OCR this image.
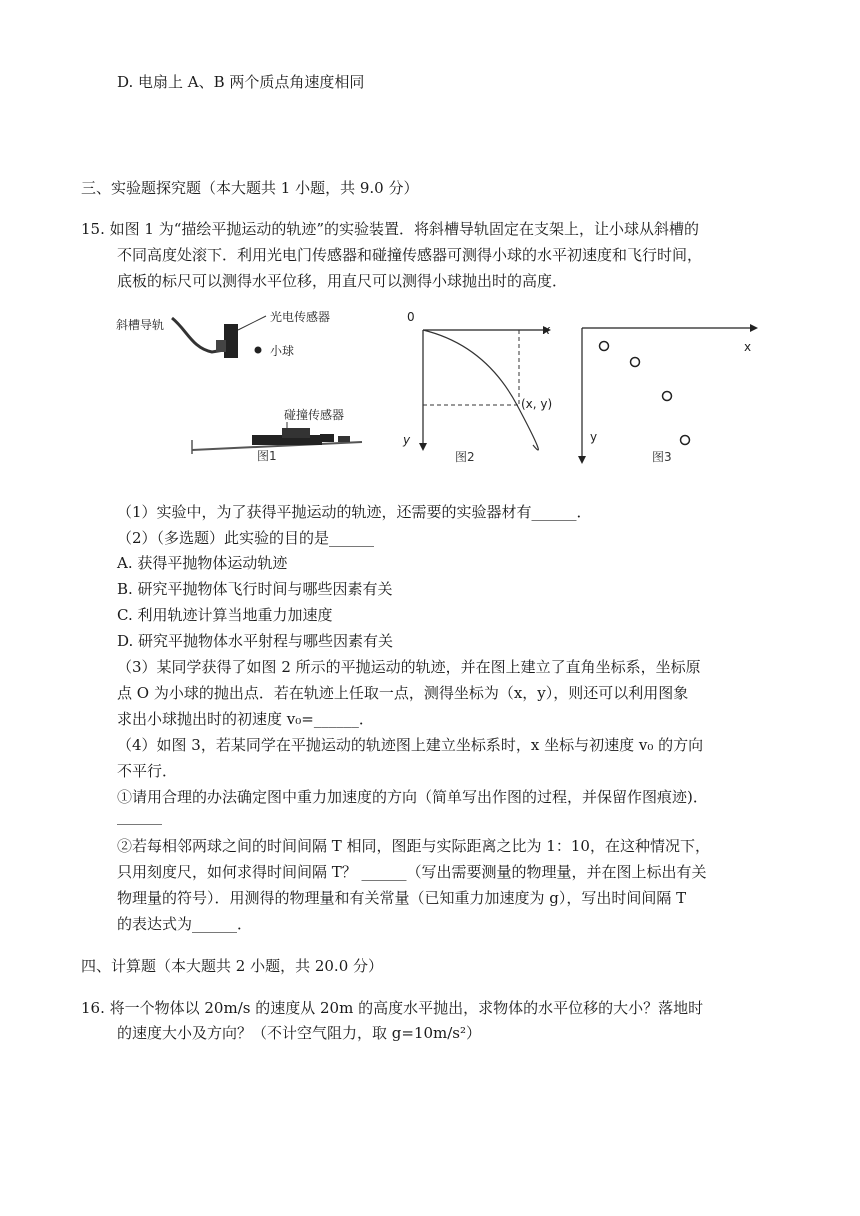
D. 电扇上 A、B 两个质点角速度相同
三、实验题探究题（本大题共 1 小题，共 9.0 分）
15. 如图 1 为“描绘平抛运动的轨迹”的实验装置．将斜槽导轨固定在支架上，让小球从斜槽的
不同高度处滚下．利用光电门传感器和碰撞传感器可测得小球的水平初速度和飞行时间，
底板的标尺可以测得水平位移，用直尺可以测得小球抛出时的高度．
斜槽导轨
光电传感器
小球
碰撞传感器
图1
0
x
y
(x, y)
图2
x
y
图3
（1）实验中，为了获得平抛运动的轨迹，还需要的实验器材有______．
（2）（多选题）此实验的目的是______
A. 获得平抛物体运动轨迹
B. 研究平抛物体飞行时间与哪些因素有关
C. 利用轨迹计算当地重力加速度
D. 研究平抛物体水平射程与哪些因素有关
（3）某同学获得了如图 2 所示的平抛运动的轨迹，并在图上建立了直角坐标系，坐标原
点 O 为小球的抛出点．若在轨迹上任取一点，测得坐标为（x，y），则还可以利用图象
求出小球抛出时的初速度 v₀=______．
（4）如图 3，若某同学在平抛运动的轨迹图上建立坐标系时，x 坐标与初速度 v₀ 的方向
不平行．
①请用合理的办法确定图中重力加速度的方向（简单写出作图的过程，并保留作图痕迹)．
______
②若每相邻两球之间的时间间隔 T 相同，图距与实际距离之比为 1：10，在这种情况下，
只用刻度尺，如何求得时间间隔 T？ ______（写出需要测量的物理量，并在图上标出有关
物理量的符号）．用测得的物理量和有关常量（已知重力加速度为 g），写出时间间隔 T
的表达式为______．
四、计算题（本大题共 2 小题，共 20.0 分）
16. 将一个物体以 20m/s 的速度从 20m 的高度水平抛出，求物体的水平位移的大小？落地时
的速度大小及方向？（不计空气阻力，取 g=10m/s²）
